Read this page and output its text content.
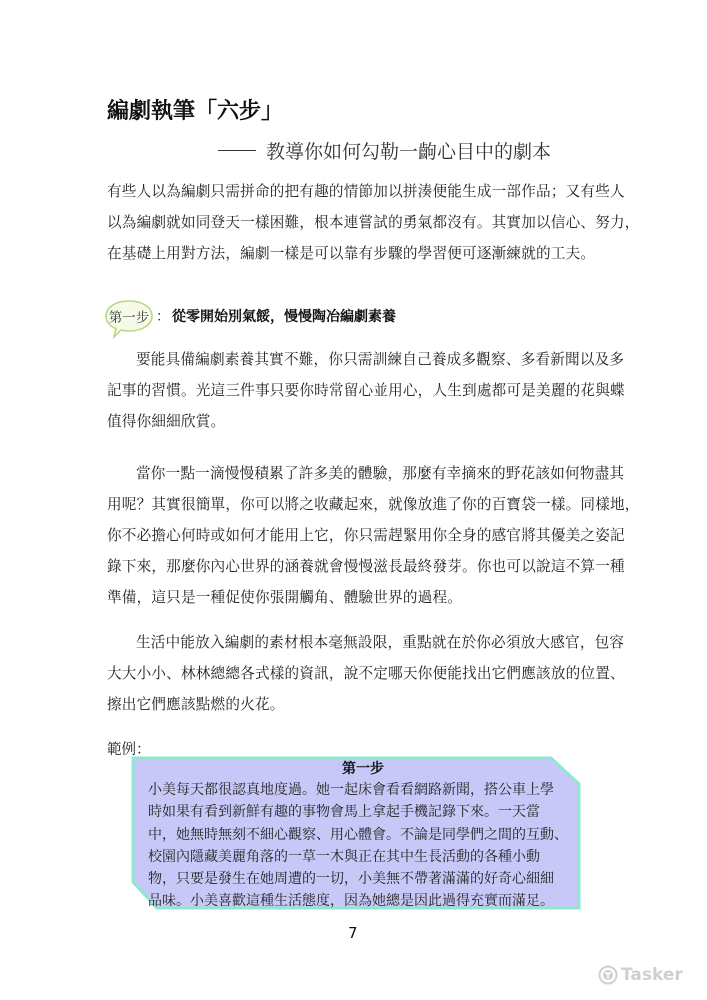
編劇執筆「六步」
教導你如何勾勒一齣心目中的劇本
有些人以為編劇只需拼命的把有趣的情節加以拼湊便能生成一部作品；又有些人
以為編劇就如同登天一樣困難，根本連嘗試的勇氣都沒有。其實加以信心、努力，
在基礎上用對方法，編劇一樣是可以靠有步驟的學習便可逐漸練就的工夫。
第一步 ： 從零開始別氣餒，慢慢陶冶編劇素養
要能具備編劇素養其實不難，你只需訓練自己養成多觀察、多看新聞以及多
記事的習慣。光這三件事只要你時常留心並用心，人生到處都可是美麗的花與蝶
值得你細細欣賞。
當你一點一滴慢慢積累了許多美的體驗，那麼有幸摘來的野花該如何物盡其
用呢？其實很簡單，你可以將之收藏起來，就像放進了你的百寶袋一樣。同樣地，
你不必擔心何時或如何才能用上它，你只需趕緊用你全身的感官將其優美之姿記
錄下來，那麼你內心世界的涵養就會慢慢滋長最終發芽。你也可以說這不算一種
準備，這只是一種促使你張開觸角、體驗世界的過程。
生活中能放入編劇的素材根本毫無設限，重點就在於你必須放大感官，包容
大大小小、林林總總各式樣的資訊，說不定哪天你便能找出它們應該放的位置、
擦出它們應該點燃的火花。
範例：
第一步
小美每天都很認真地度過。她一起床會看看網路新聞，搭公車上學
時如果有看到新鮮有趣的事物會馬上拿起手機記錄下來。一天當
中，她無時無刻不細心觀察、用心體會。不論是同學們之間的互動、
校園內隱藏美麗角落的一草一木與正在其中生長活動的各種小動
物，只要是發生在她周遭的一切，小美無不帶著滿滿的好奇心細細
品味。小美喜歡這種生活態度，因為她總是因此過得充實而滿足。
7
Tasker
